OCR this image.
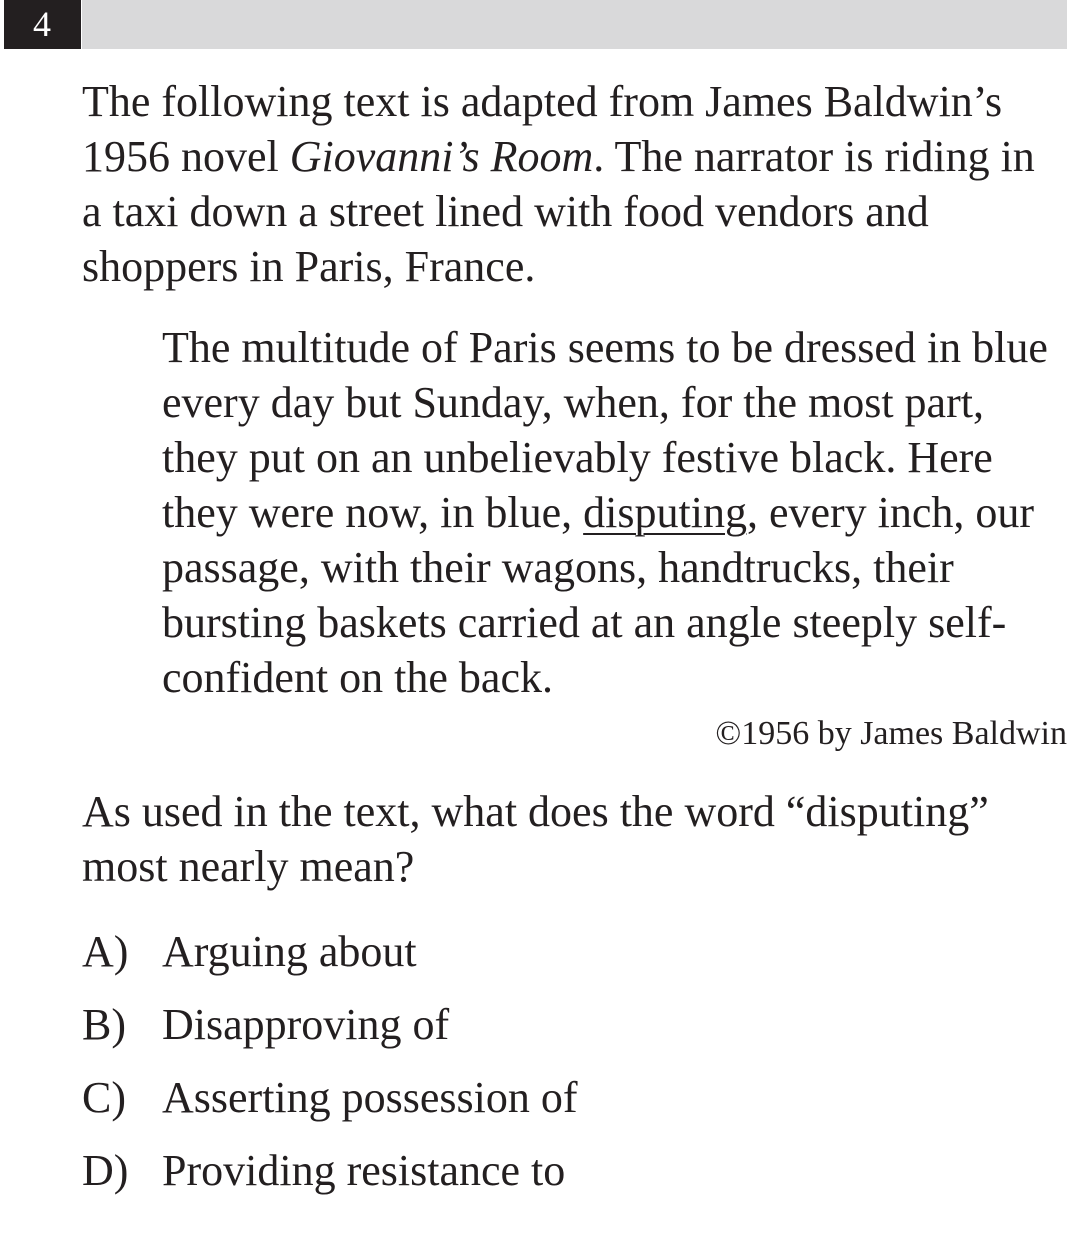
4

The following text is adapted from James Baldwin’s 1956 novel Giovanni’s Room. The narrator is riding in a taxi down a street lined with food vendors and shoppers in Paris, France.

The multitude of Paris seems to be dressed in blue every day but Sunday, when, for the most part, they put on an unbelievably festive black. Here they were now, in blue, disputing, every inch, our passage, with their wagons, handtrucks, their bursting baskets carried at an angle steeply self-confident on the back.

©1956 by James Baldwin

As used in the text, what does the word “disputing” most nearly mean?

A) Arguing about
B) Disapproving of
C) Asserting possession of
D) Providing resistance to
